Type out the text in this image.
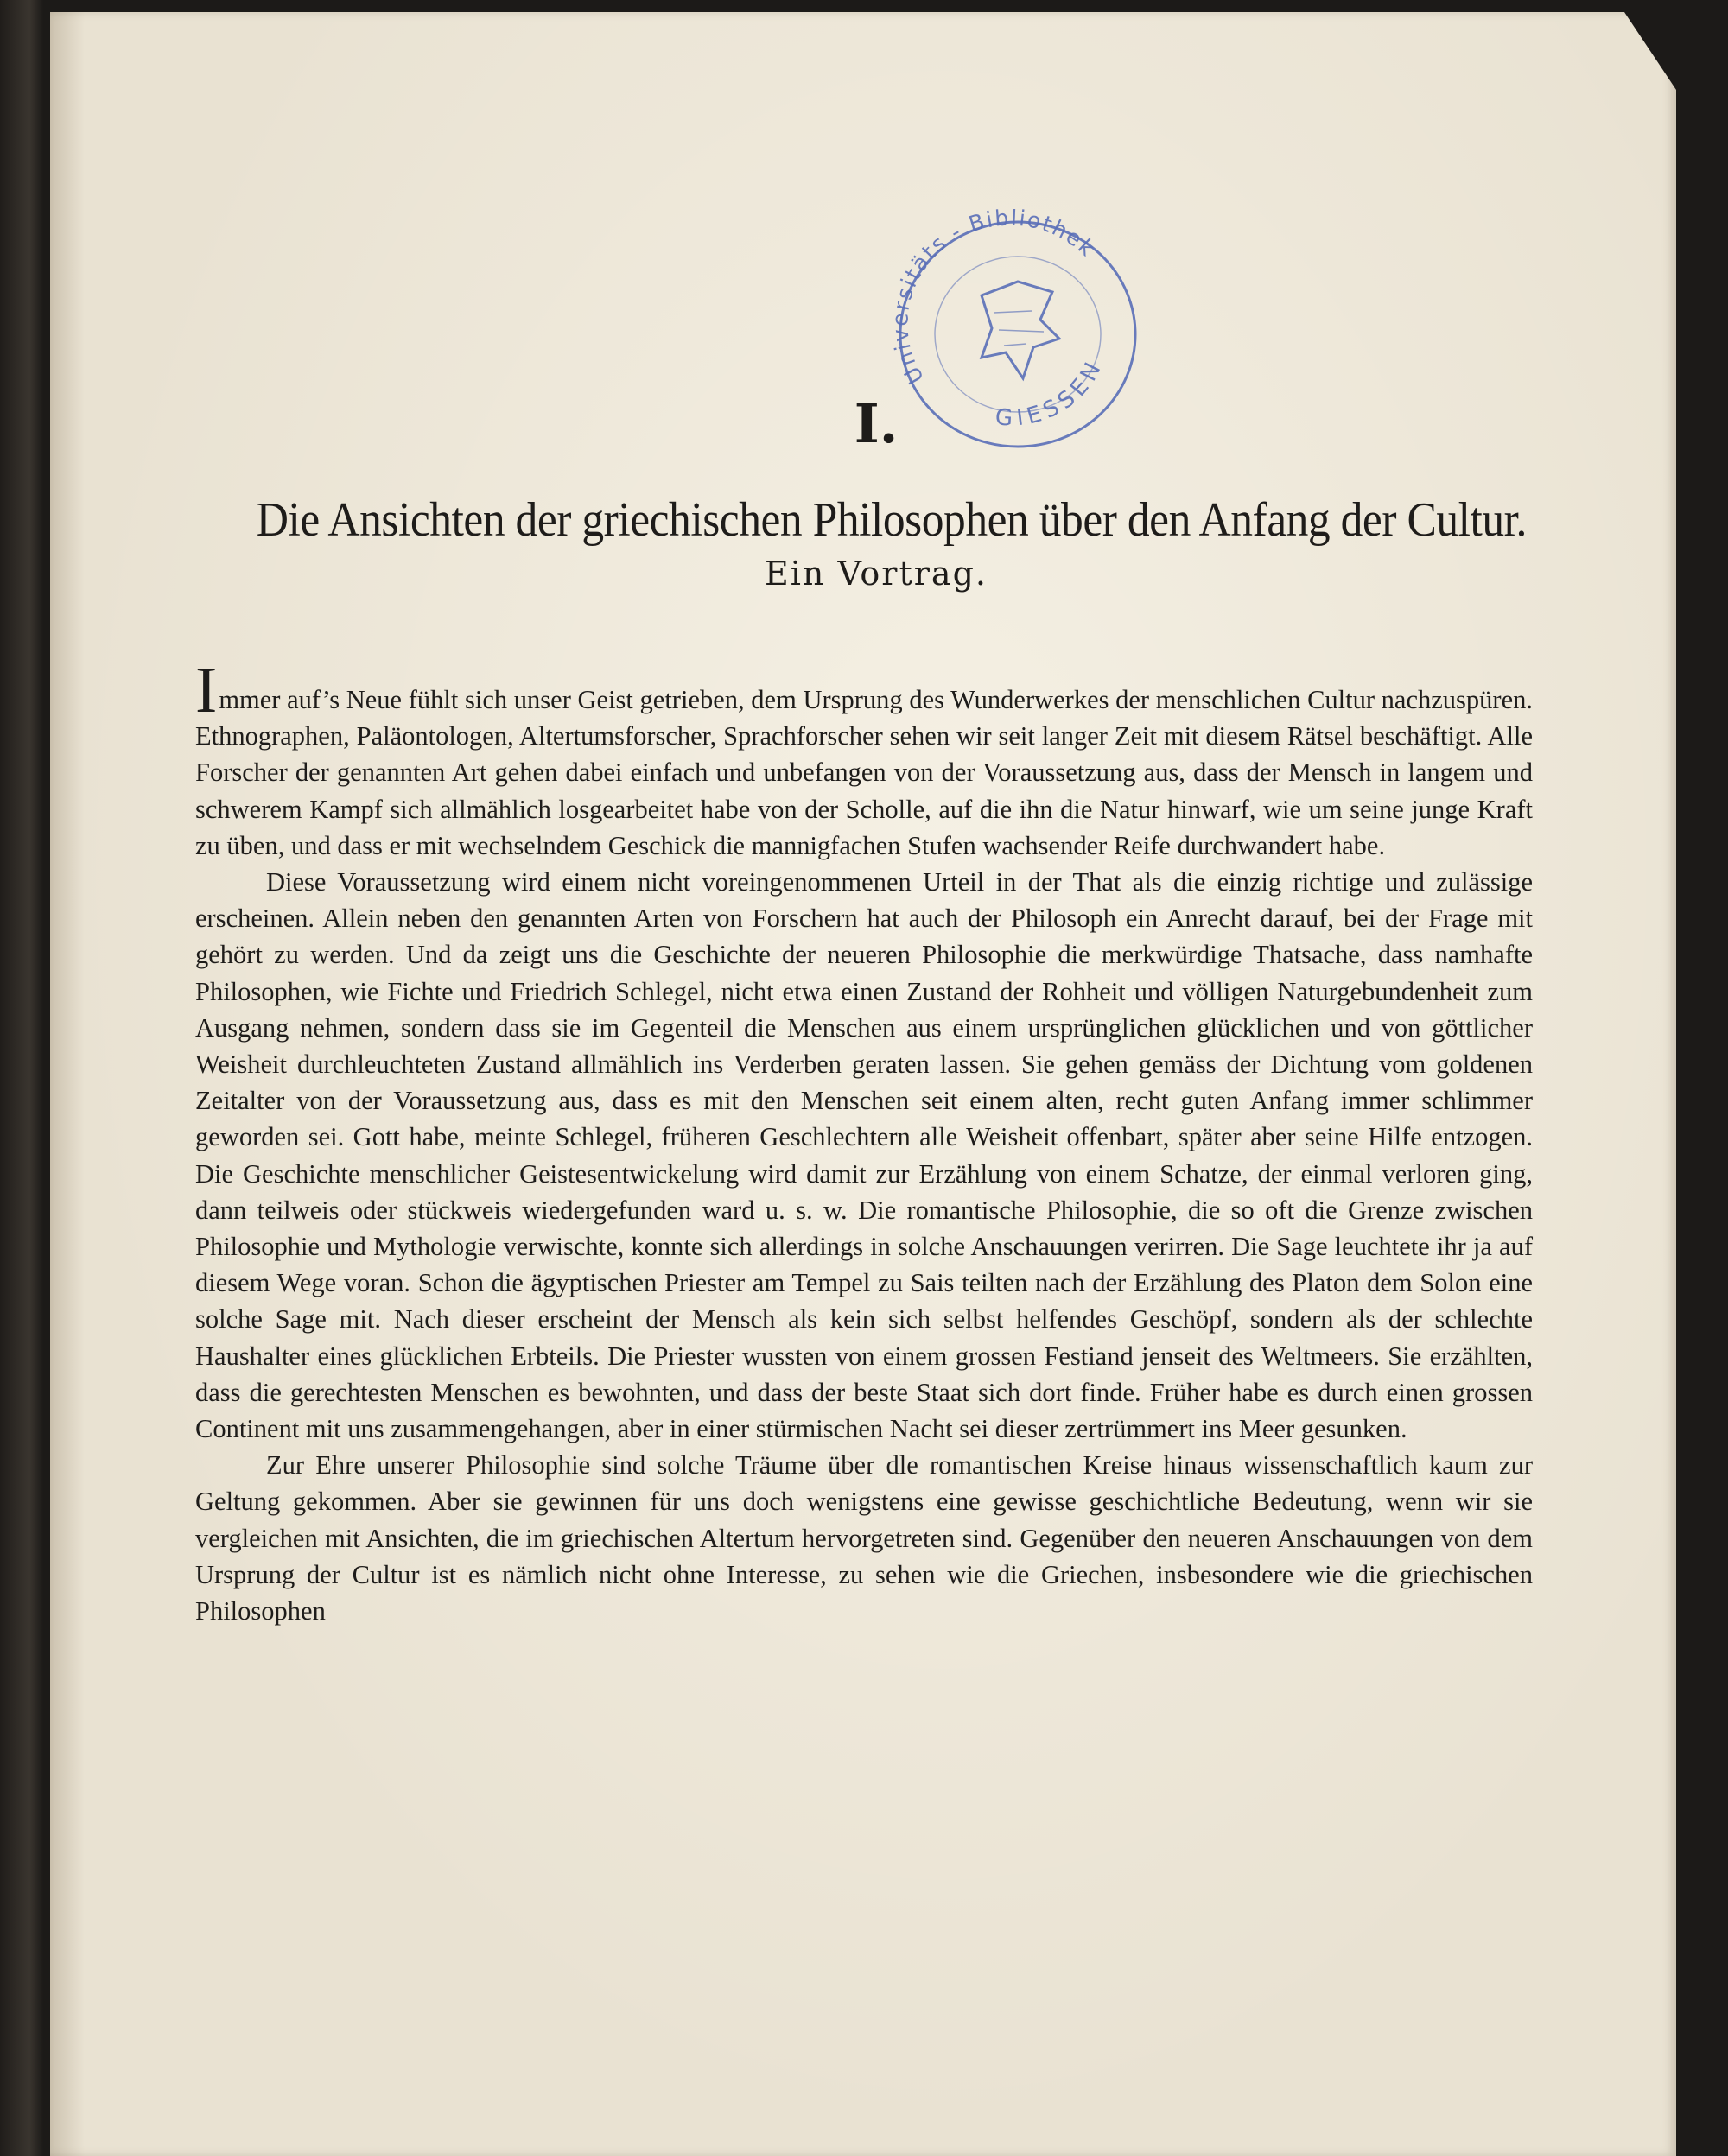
Universitäts - Bibliothek
GIESSEN
I.
Die Ansichten der griechischen Philosophen über den Anfang der Cultur.
Ein Vortrag.

Immer auf’s Neue fühlt sich unser Geist getrieben, dem Ursprung des Wunderwerkes der menschlichen Cultur nachzuspüren. Ethnographen, Paläontologen, Altertumsforscher, Sprachforscher sehen wir seit langer Zeit mit diesem Rätsel beschäftigt. Alle Forscher der genannten Art gehen dabei einfach und unbefangen von der Voraussetzung aus, dass der Mensch in langem und schwerem Kampf sich allmählich losgearbeitet habe von der Scholle, auf die ihn die Natur hinwarf, wie um seine junge Kraft zu üben, und dass er mit wechselndem Geschick die mannigfachen Stufen wachsender Reife durchwandert habe.

Diese Voraussetzung wird einem nicht voreingenommenen Urteil in der That als die einzig richtige und zulässige erscheinen. Allein neben den genannten Arten von Forschern hat auch der Philosoph ein Anrecht darauf, bei der Frage mit gehört zu werden. Und da zeigt uns die Geschichte der neueren Philosophie die merkwürdige Thatsache, dass namhafte Philosophen, wie Fichte und Friedrich Schlegel, nicht etwa einen Zustand der Rohheit und völligen Naturgebundenheit zum Ausgang nehmen, sondern dass sie im Gegenteil die Menschen aus einem ursprünglichen glücklichen und von göttlicher Weisheit durchleuchteten Zustand allmählich ins Verderben geraten lassen. Sie gehen gemäss der Dichtung vom goldenen Zeitalter von der Voraussetzung aus, dass es mit den Menschen seit einem alten, recht guten Anfang immer schlimmer geworden sei. Gott habe, meinte Schlegel, früheren Geschlechtern alle Weisheit offenbart, später aber seine Hilfe entzogen. Die Geschichte menschlicher Geistesentwickelung wird damit zur Erzählung von einem Schatze, der einmal verloren ging, dann teilweis oder stückweis wiedergefunden ward u. s. w. Die romantische Philosophie, die so oft die Grenze zwischen Philosophie und Mythologie verwischte, konnte sich allerdings in solche Anschauungen verirren. Die Sage leuchtete ihr ja auf diesem Wege voran. Schon die ägyptischen Priester am Tempel zu Sais teilten nach der Erzählung des Platon dem Solon eine solche Sage mit. Nach dieser erscheint der Mensch als kein sich selbst helfendes Geschöpf, sondern als der schlechte Haushalter eines glücklichen Erbteils. Die Priester wussten von einem grossen Festiand jenseit des Weltmeers. Sie erzählten, dass die gerechtesten Menschen es bewohnten, und dass der beste Staat sich dort finde. Früher habe es durch einen grossen Continent mit uns zusammengehangen, aber in einer stürmischen Nacht sei dieser zertrümmert ins Meer gesunken.

Zur Ehre unserer Philosophie sind solche Träume über dle romantischen Kreise hinaus wissenschaftlich kaum zur Geltung gekommen. Aber sie gewinnen für uns doch wenigstens eine gewisse geschichtliche Bedeutung, wenn wir sie vergleichen mit Ansichten, die im griechischen Altertum hervorgetreten sind. Gegenüber den neueren Anschauungen von dem Ursprung der Cultur ist es nämlich nicht ohne Interesse, zu sehen wie die Griechen, insbesondere wie die griechischen Philosophen
